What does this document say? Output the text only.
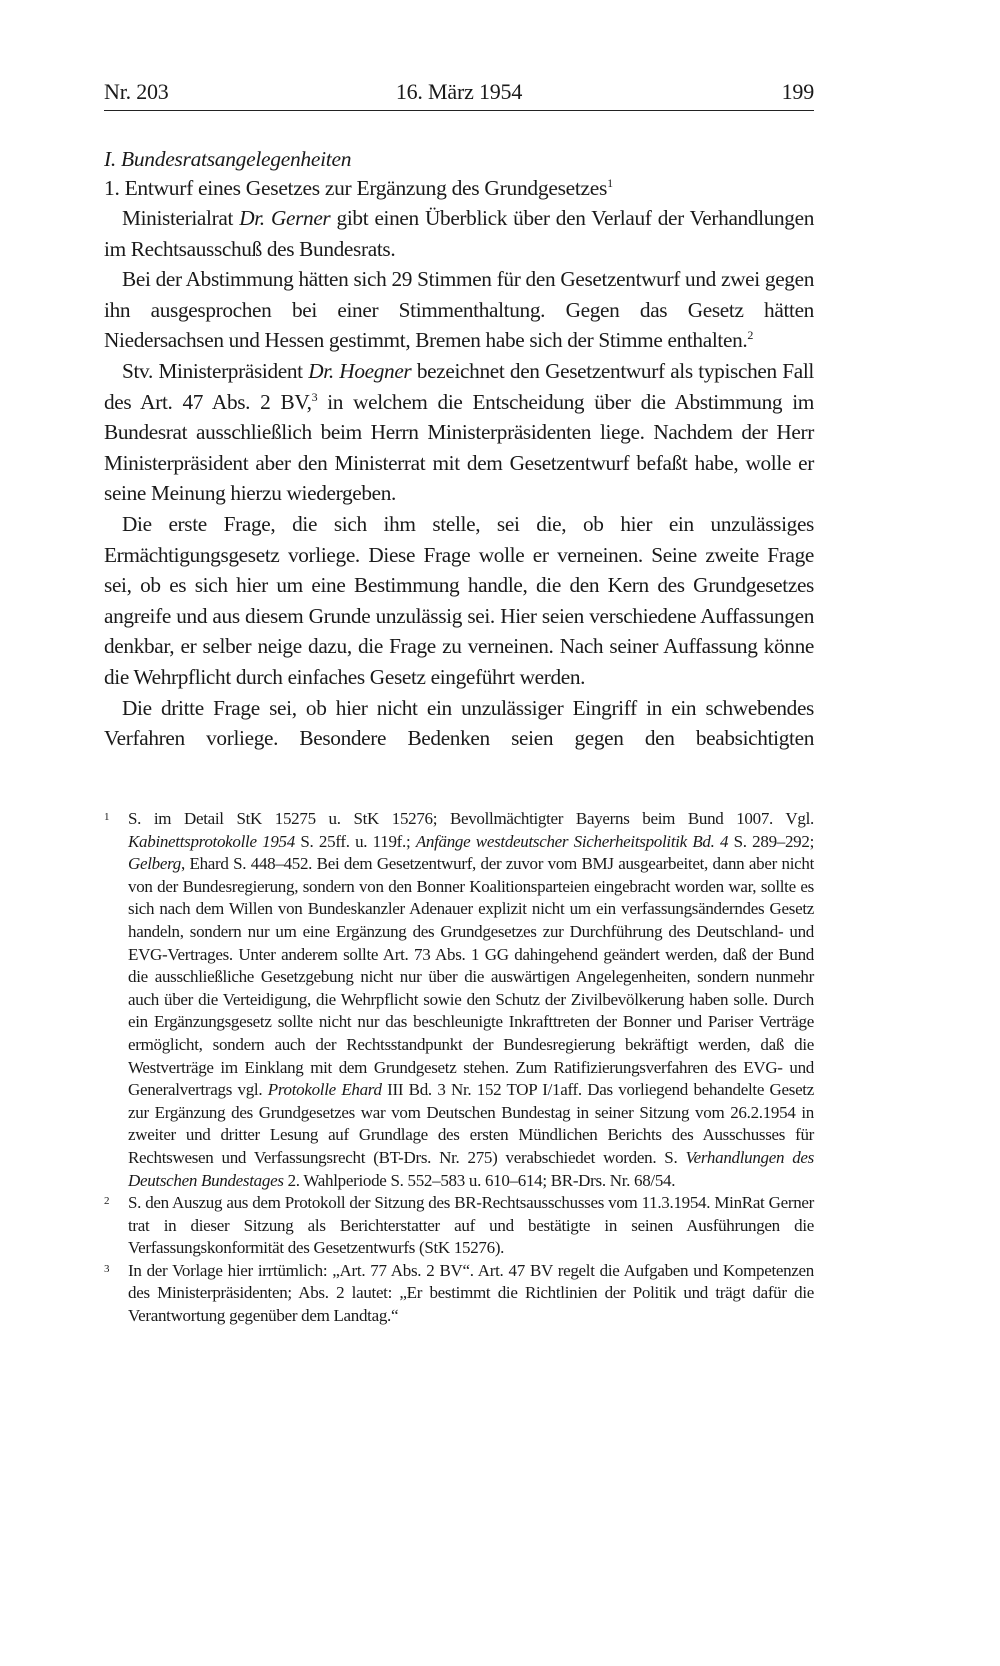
Nr. 203	16. März 1954	199
I. Bundesratsangelegenheiten
1. Entwurf eines Gesetzes zur Ergänzung des Grundgesetzes$^1$

Ministerialrat Dr. Gerner gibt einen Überblick über den Verlauf der Verhandlungen im Rechtsausschuß des Bundesrats.

Bei der Abstimmung hätten sich 29 Stimmen für den Gesetzentwurf und zwei gegen ihn ausgesprochen bei einer Stimmenthaltung. Gegen das Gesetz hätten Niedersachsen und Hessen gestimmt, Bremen habe sich der Stimme enthalten.$^2$

Stv. Ministerpräsident Dr. Hoegner bezeichnet den Gesetzentwurf als typischen Fall des Art. 47 Abs. 2 BV,$^3$ in welchem die Entscheidung über die Abstimmung im Bundesrat ausschließlich beim Herrn Ministerpräsidenten liege. Nachdem der Herr Ministerpräsident aber den Ministerrat mit dem Gesetzentwurf befaßt habe, wolle er seine Meinung hierzu wiedergeben.

Die erste Frage, die sich ihm stelle, sei die, ob hier ein unzulässiges Ermächtigungsgesetz vorliege. Diese Frage wolle er verneinen. Seine zweite Frage sei, ob es sich hier um eine Bestimmung handle, die den Kern des Grundgesetzes angreife und aus diesem Grunde unzulässig sei. Hier seien verschiedene Auffassungen denkbar, er selber neige dazu, die Frage zu verneinen. Nach seiner Auffassung könne die Wehrpflicht durch einfaches Gesetz eingeführt werden.

Die dritte Frage sei, ob hier nicht ein unzulässiger Eingriff in ein schwebendes Verfahren vorliege. Besondere Bedenken seien gegen den beabsichtigten

1	S. im Detail StK 15275 u. StK 15276; Bevollmächtigter Bayerns beim Bund 1007. Vgl. Kabinettsprotokolle 1954 S. 25ff. u. 119f.; Anfänge westdeutscher Sicherheitspolitik Bd. 4 S. 289–292; Gelberg, Ehard S. 448–452. Bei dem Gesetzentwurf, der zuvor vom BMJ ausgearbeitet, dann aber nicht von der Bundesregierung, sondern von den Bonner Koalitionsparteien eingebracht worden war, sollte es sich nach dem Willen von Bundeskanzler Adenauer explizit nicht um ein verfassungsänderndes Gesetz handeln, sondern nur um eine Ergänzung des Grundgesetzes zur Durchführung des Deutschland- und EVG-Vertrages. Unter anderem sollte Art. 73 Abs. 1 GG dahingehend geändert werden, daß der Bund die ausschließliche Gesetzgebung nicht nur über die auswärtigen Angelegenheiten, sondern nunmehr auch über die Verteidigung, die Wehrpflicht sowie den Schutz der Zivilbevölkerung haben solle. Durch ein Ergänzungsgesetz sollte nicht nur das beschleunigte Inkrafttreten der Bonner und Pariser Verträge ermöglicht, sondern auch der Rechtsstandpunkt der Bundesregierung bekräftigt werden, daß die Westverträge im Einklang mit dem Grundgesetz stehen. Zum Ratifizierungsverfahren des EVG- und Generalvertrags vgl. Protokolle Ehard III Bd. 3 Nr. 152 TOP I/1aff. Das vorliegend behandelte Gesetz zur Ergänzung des Grundgesetzes war vom Deutschen Bundestag in seiner Sitzung vom 26.2.1954 in zweiter und dritter Lesung auf Grundlage des ersten Mündlichen Berichts des Ausschusses für Rechtswesen und Verfassungsrecht (BT-Drs. Nr. 275) verabschiedet worden. S. Verhandlungen des Deutschen Bundestages 2. Wahlperiode S. 552–583 u. 610–614; BR-Drs. Nr. 68/54.
2	S. den Auszug aus dem Protokoll der Sitzung des BR-Rechtsausschusses vom 11.3.1954. MinRat Gerner trat in dieser Sitzung als Berichterstatter auf und bestätigte in seinen Ausführungen die Verfassungskonformität des Gesetzentwurfs (StK 15276).
3	In der Vorlage hier irrtümlich: „Art. 77 Abs. 2 BV“. Art. 47 BV regelt die Aufgaben und Kompetenzen des Ministerpräsidenten; Abs. 2 lautet: „Er bestimmt die Richtlinien der Politik und trägt dafür die Verantwortung gegenüber dem Landtag.“
